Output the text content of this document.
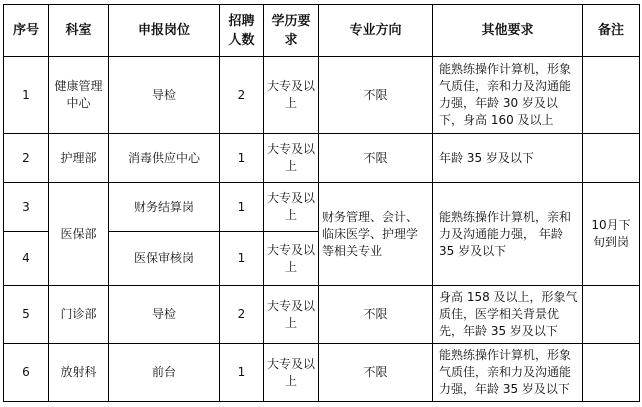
序号	科室	申报岗位	招聘人数	学历要求	专业方向	其他要求	备注
1	健康管理中心	导检	2	大专及以上	不限	能熟练操作计算机，形象气质佳，亲和力及沟通能力强，年龄 30 岁及以下，身高 160 及以上	
2	护理部	消毒供应中心	1	大专及以上	不限	年龄 35 岁及以下	
3	医保部	财务结算岗	1	大专及以上	财务管理、会计、临床医学、护理学等相关专业	能熟练操作计算机，亲和力及沟通能力强， 年龄 35 岁及以下	10月下旬到岗
4		医保审核岗	1	大专及以上			
5	门诊部	导检	2	大专及以上	不限	身高 158 及以上，形象气质佳，医学相关背景优先，年龄 35 岁及以下	
6	放射科	前台	1	大专及以上	不限	能熟练操作计算机，形象气质佳，亲和力及沟通能力强，年龄 35 岁及以下	
